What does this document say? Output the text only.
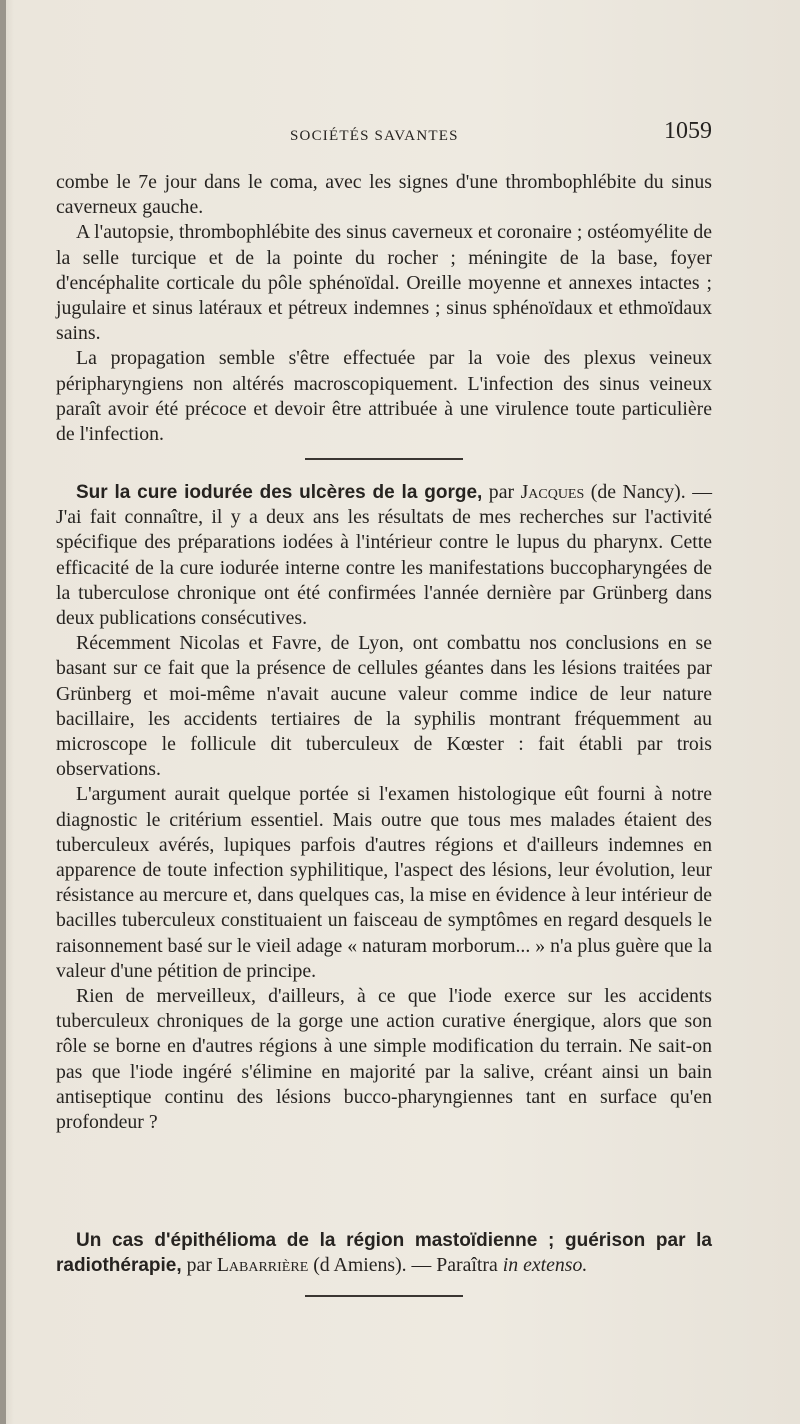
SOCIÉTÉS SAVANTES	1059

combe le 7e jour dans le coma, avec les signes d'une thrombophlébite du sinus caverneux gauche.

A l'autopsie, thrombophlébite des sinus caverneux et coronaire ; ostéomyélite de la selle turcique et de la pointe du rocher ; méningite de la base, foyer d'encéphalite corticale du pôle sphénoïdal. Oreille moyenne et annexes intactes ; jugulaire et sinus latéraux et pétreux indemnes ; sinus sphénoïdaux et ethmoïdaux sains.

La propagation semble s'être effectuée par la voie des plexus veineux péripharyngiens non altérés macroscopiquement. L'infection des sinus veineux paraît avoir été précoce et devoir être attribuée à une virulence toute particulière de l'infection.

Sur la cure iodurée des ulcères de la gorge, par Jacques (de Nancy). — J'ai fait connaître, il y a deux ans les résultats de mes recherches sur l'activité spécifique des préparations iodées à l'intérieur contre le lupus du pharynx. Cette efficacité de la cure iodurée interne contre les manifestations buccopharyngées de la tuberculose chronique ont été confirmées l'année dernière par Grünberg dans deux publications consécutives.

Récemment Nicolas et Favre, de Lyon, ont combattu nos conclusions en se basant sur ce fait que la présence de cellules géantes dans les lésions traitées par Grünberg et moi-même n'avait aucune valeur comme indice de leur nature bacillaire, les accidents tertiaires de la syphilis montrant fréquemment au microscope le follicule dit tuberculeux de Kœster : fait établi par trois observations.

L'argument aurait quelque portée si l'examen histologique eût fourni à notre diagnostic le critérium essentiel. Mais outre que tous mes malades étaient des tuberculeux avérés, lupiques parfois d'autres régions et d'ailleurs indemnes en apparence de toute infection syphilitique, l'aspect des lésions, leur évolution, leur résistance au mercure et, dans quelques cas, la mise en évidence à leur intérieur de bacilles tuberculeux constituaient un faisceau de symptômes en regard desquels le raisonnement basé sur le vieil adage « naturam morborum... » n'a plus guère que la valeur d'une pétition de principe.

Rien de merveilleux, d'ailleurs, à ce que l'iode exerce sur les accidents tuberculeux chroniques de la gorge une action curative énergique, alors que son rôle se borne en d'autres régions à une simple modification du terrain. Ne sait-on pas que l'iode ingéré s'élimine en majorité par la salive, créant ainsi un bain antiseptique continu des lésions bucco-pharyngiennes tant en surface qu'en profondeur ?

Un cas d'épithélioma de la région mastoïdienne ; guérison par la radiothérapie, par Labarrière (d Amiens). — Paraîtra in extenso.
